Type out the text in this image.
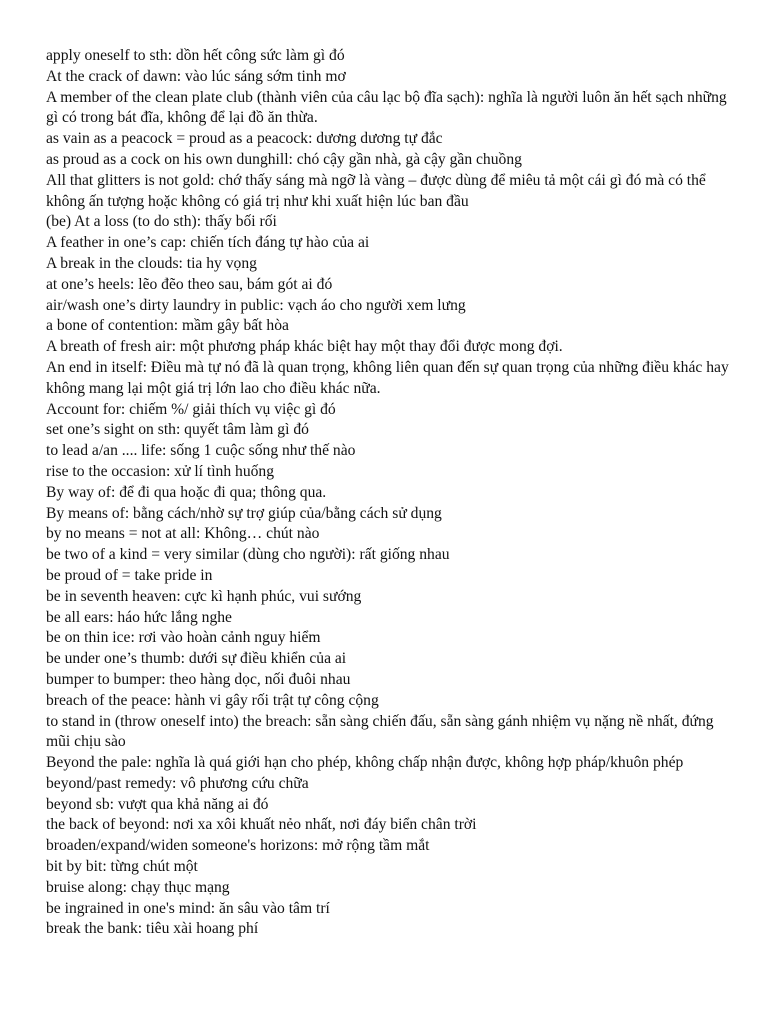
apply oneself to sth: dồn hết công sức làm gì đó

At the crack of dawn: vào lúc sáng sớm tinh mơ

A member of the clean plate club (thành viên của câu lạc bộ đĩa sạch): nghĩa là người luôn ăn hết sạch những gì có trong bát đĩa, không để lại đồ ăn thừa.

as vain as a peacock = proud as a peacock: dương dương tự đắc

as proud as a cock on his own dunghill: chó cậy gần nhà, gà cậy gần chuồng

All that glitters is not gold: chớ thấy sáng mà ngỡ là vàng – được dùng để miêu tả một cái gì đó mà có thể không ấn tượng hoặc không có giá trị như khi xuất hiện lúc ban đầu

(be) At a loss (to do sth): thấy bối rối

A feather in one’s cap: chiến tích đáng tự hào của ai

A break in the clouds: tia hy vọng

at one’s heels: lẽo đẽo theo sau, bám gót ai đó

air/wash one’s dirty laundry in public: vạch áo cho người xem lưng

a bone of contention: mầm gây bất hòa

A breath of fresh air: một phương pháp khác biệt hay một thay đổi được mong đợi.

An end in itself: Điều mà tự nó đã là quan trọng, không liên quan đến sự quan trọng của những điều khác hay không mang lại một giá trị lớn lao cho điều khác nữa.

Account for: chiếm %/ giải thích vụ việc gì đó

set one’s sight on sth: quyết tâm làm gì đó

to lead a/an .... life: sống 1 cuộc sống như thế nào

rise to the occasion: xử lí tình huống

By way of: để đi qua hoặc đi qua; thông qua.

By means of: bằng cách/nhờ sự trợ giúp của/bằng cách sử dụng

by no means = not at all: Không… chút nào

be two of a kind = very similar (dùng cho người): rất giống nhau

be proud of = take pride in

be in seventh heaven: cực kì hạnh phúc, vui sướng

be all ears: háo hức lắng nghe

be on thin ice: rơi vào hoàn cảnh nguy hiểm

be under one’s thumb: dưới sự điều khiển của ai

bumper to bumper: theo hàng dọc, nối đuôi nhau

breach of the peace: hành vi gây rối trật tự công cộng

to stand in (throw oneself into) the breach: sẵn sàng chiến đấu, sẵn sàng gánh nhiệm vụ nặng nề nhất, đứng mũi chịu sào

Beyond the pale: nghĩa là quá giới hạn cho phép, không chấp nhận được, không hợp pháp/khuôn phép

beyond/past remedy: vô phương cứu chữa

beyond sb: vượt qua khả năng ai đó

the back of beyond: nơi xa xôi khuất nẻo nhất, nơi đáy biển chân trời

broaden/expand/widen someone's horizons: mở rộng tầm mắt

bit by bit: từng chút một

bruise along: chạy thục mạng

be ingrained in one's mind: ăn sâu vào tâm trí

break the bank: tiêu xài hoang phí
